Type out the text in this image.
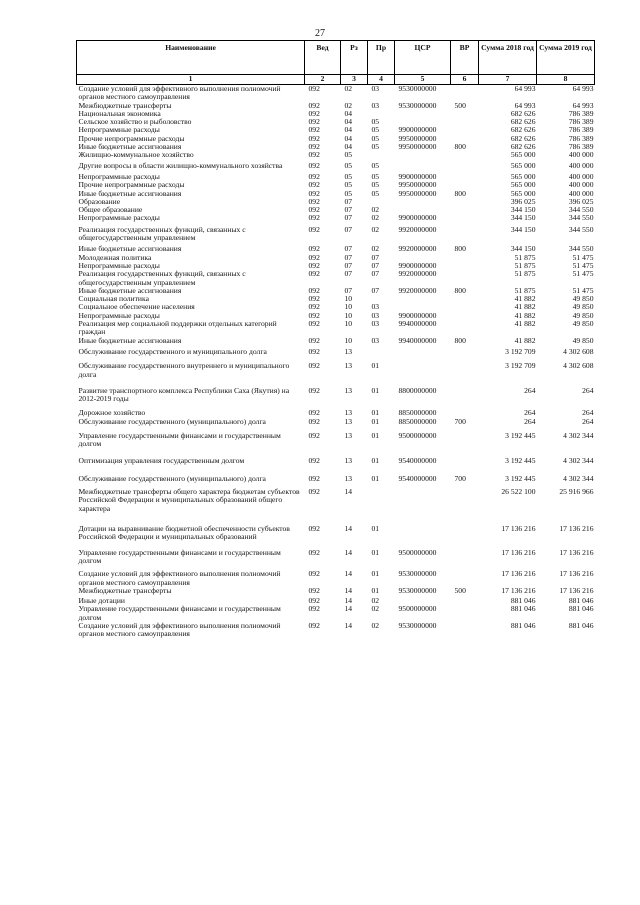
27
Наименование	Вед	Рз	Пр	ЦСР	ВР	Сумма 2018 год	Сумма 2019 год
1	2	3	4	5	6	7	8
Создание условий для эффективного выполнения полномочий органов местного самоуправления	092	02	03	9530000000		64 993	64 993
Межбюджетные трансферты	092	02	03	9530000000	500	64 993	64 993
Национальная экономика	092	04				682 626	786 389
Сельское хозяйство и рыболовство	092	04	05			682 626	786 389
Непрограммные расходы	092	04	05	9900000000		682 626	786 389
Прочие непрограммные расходы	092	04	05	9950000000		682 626	786 389
Иные бюджетные ассигнования	092	04	05	9950000000	800	682 626	786 389
Жилищно-коммунальное хозяйство	092	05				565 000	400 000
Другие вопросы в области жилищно-коммунального хозяйства	092	05	05			565 000	400 000
Непрограммные расходы	092	05	05	9900000000		565 000	400 000
Прочие непрограммные расходы	092	05	05	9950000000		565 000	400 000
Иные бюджетные ассигнования	092	05	05	9950000000	800	565 000	400 000
Образование	092	07				396 025	396 025
Общее образование	092	07	02			344 150	344 550
Непрограммные расходы	092	07	02	9900000000		344 150	344 550
Реализация государственных функций, связанных с общегосударственным управлением	092	07	02	9920000000		344 150	344 550
Иные бюджетные ассигнования	092	07	02	9920000000	800	344 150	344 550
Молодежная политика	092	07	07			51 875	51 475
Непрограммные расходы	092	07	07	9900000000		51 875	51 475
Реализация государственных функций, связанных с общегосударственным управлением	092	07	07	9920000000		51 875	51 475
Иные бюджетные ассигнования	092	07	07	9920000000	800	51 875	51 475
Социальная политика	092	10				41 882	49 850
Социальное обеспечение населения	092	10	03			41 882	49 850
Непрограммные расходы	092	10	03	9900000000		41 882	49 850
Реализация мер социальной поддержки отдельных категорий граждан	092	10	03	9940000000		41 882	49 850
Иные бюджетные ассигнования	092	10	03	9940000000	800	41 882	49 850
Обслуживание государственного и муниципального долга	092	13				3 192 709	4 302 608
Обслуживание государственного внутреннего и муниципального долга	092	13	01			3 192 709	4 302 608
Развитие транспортного комплекса Республики Саха (Якутия) на 2012-2019 годы	092	13	01	8800000000		264	264
Дорожное хозяйство	092	13	01	8850000000		264	264
Обслуживание государственного (муниципального) долга	092	13	01	8850000000	700	264	264
Управление государственными финансами и государственным долгом	092	13	01	9500000000		3 192 445	4 302 344
Оптимизация управления государственным долгом	092	13	01	9540000000		3 192 445	4 302 344
Обслуживание государственного (муниципального) долга	092	13	01	9540000000	700	3 192 445	4 302 344
Межбюджетные трансферты общего характера бюджетам субъектов Российской Федерации и муниципальных образований общего характера	092	14				26 522 100	25 916 966
Дотации на выравнивание бюджетной обеспеченности субъектов Российской Федерации и муниципальных образований	092	14	01			17 136 216	17 136 216
Управление государственными финансами и государственным долгом	092	14	01	9500000000		17 136 216	17 136 216
Создание условий для эффективного выполнения полномочий органов местного самоуправления	092	14	01	9530000000		17 136 216	17 136 216
Межбюджетные трансферты	092	14	01	9530000000	500	17 136 216	17 136 216
Иные дотации	092	14	02			881 046	881 046
Управление государственными финансами и государственным долгом	092	14	02	9500000000		881 046	881 046
Создание условий для эффективного выполнения полномочий органов местного самоуправления	092	14	02	9530000000		881 046	881 046
